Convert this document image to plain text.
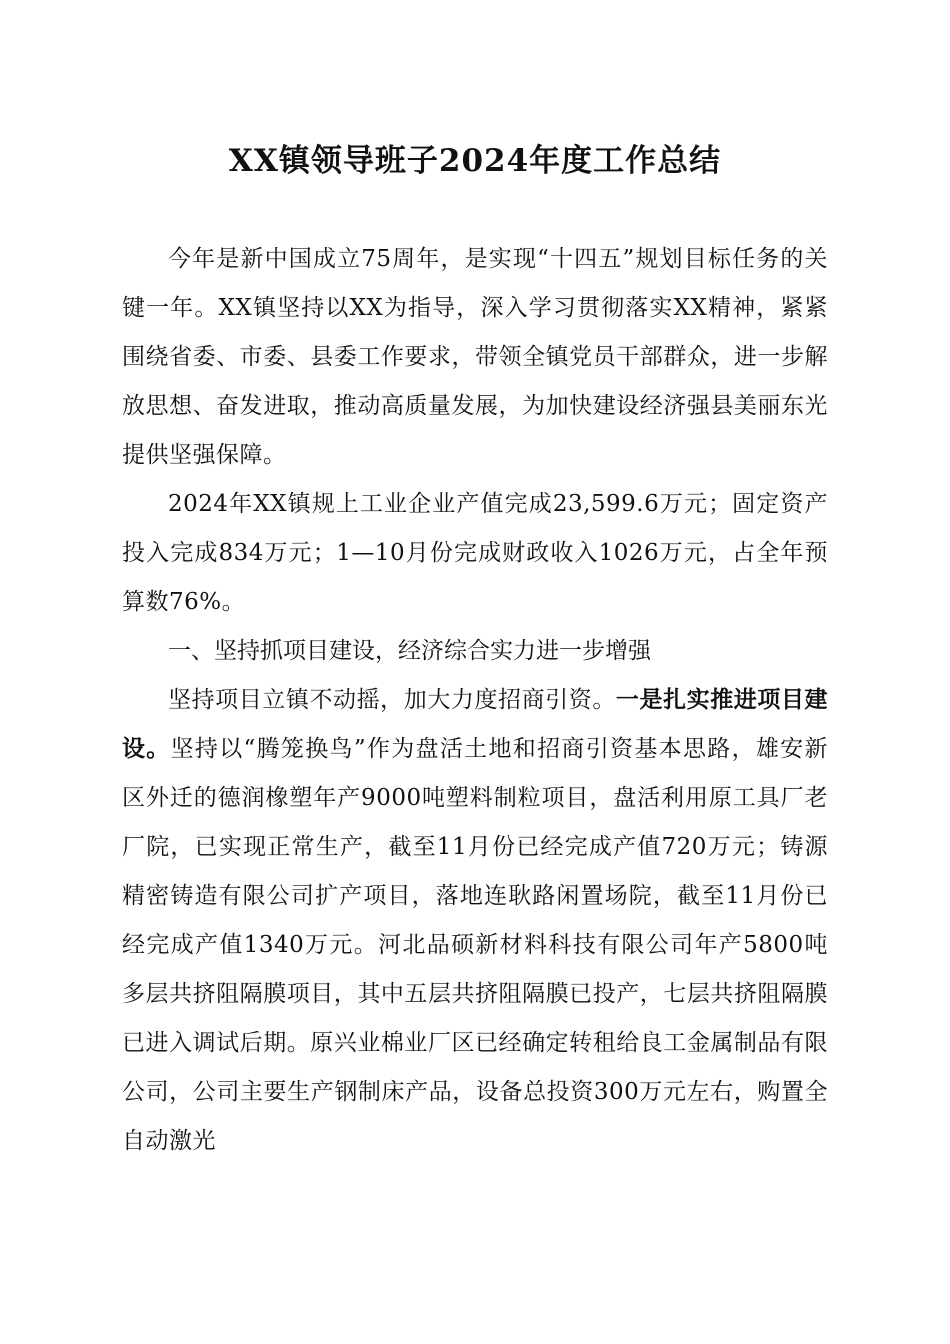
XX镇领导班子2024年度工作总结

今年是新中国成立75周年，是实现“十四五”规划目标任务的关键一年。XX镇坚持以XX为指导，深入学习贯彻落实XX精神，紧紧围绕省委、市委、县委工作要求，带领全镇党员干部群众，进一步解放思想、奋发进取，推动高质量发展，为加快建设经济强县美丽东光提供坚强保障。

2024年XX镇规上工业企业产值完成23,599.6万元；固定资产投入完成834万元；1—10月份完成财政收入1026万元，占全年预算数76%。

一、坚持抓项目建设，经济综合实力进一步增强

坚持项目立镇不动摇，加大力度招商引资。一是扎实推进项目建设。坚持以“腾笼换鸟”作为盘活土地和招商引资基本思路，雄安新区外迁的德润橡塑年产9000吨塑料制粒项目，盘活利用原工具厂老厂院，已实现正常生产，截至11月份已经完成产值720万元；铸源精密铸造有限公司扩产项目，落地连耿路闲置场院，截至11月份已经完成产值1340万元。河北品硕新材料科技有限公司年产5800吨多层共挤阻隔膜项目，其中五层共挤阻隔膜已投产，七层共挤阻隔膜已进入调试后期。原兴业棉业厂区已经确定转租给良工金属制品有限公司，公司主要生产钢制床产品，设备总投资300万元左右，购置全自动激光
